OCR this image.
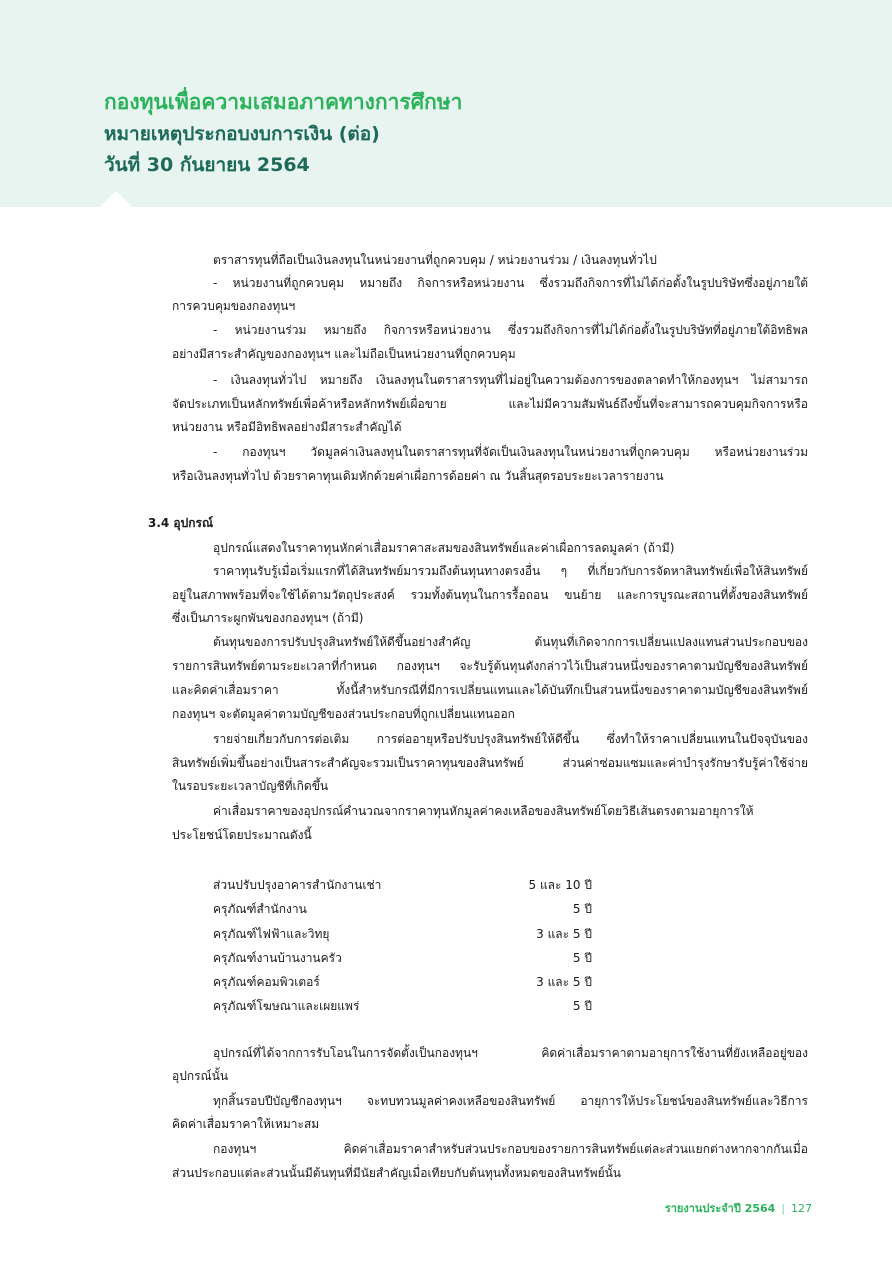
กองทุนเพื่อความเสมอภาคทางการศึกษา
หมายเหตุประกอบงบการเงิน (ต่อ)
วันที่ 30 กันยายน 2564

ตราสารทุนที่ถือเป็นเงินลงทุนในหน่วยงานที่ถูกควบคุม / หน่วยงานร่วม / เงินลงทุนทั่วไป

- หน่วยงานที่ถูกควบคุม หมายถึง กิจการหรือหน่วยงาน ซึ่งรวมถึงกิจการที่ไม่ได้ก่อตั้งในรูปบริษัทซึ่งอยู่ภายใต้

การควบคุมของกองทุนฯ

- หน่วยงานร่วม หมายถึง กิจการหรือหน่วยงาน ซึ่งรวมถึงกิจการที่ไม่ได้ก่อตั้งในรูปบริษัทที่อยู่ภายใต้อิทธิพล

อย่างมีสาระสำคัญของกองทุนฯ และไม่ถือเป็นหน่วยงานที่ถูกควบคุม

- เงินลงทุนทั่วไป หมายถึง เงินลงทุนในตราสารทุนที่ไม่อยู่ในความต้องการของตลาดทำให้กองทุนฯ ไม่สามารถ

จัดประเภทเป็นหลักทรัพย์เพื่อค้าหรือหลักทรัพย์เผื่อขาย และไม่มีความสัมพันธ์ถึงขั้นที่จะสามารถควบคุมกิจการหรือ

หน่วยงาน หรือมีอิทธิพลอย่างมีสาระสำคัญได้

- กองทุนฯ วัดมูลค่าเงินลงทุนในตราสารทุนที่จัดเป็นเงินลงทุนในหน่วยงานที่ถูกควบคุม หรือหน่วยงานร่วม

หรือเงินลงทุนทั่วไป ด้วยราคาทุนเดิมหักด้วยค่าเผื่อการด้อยค่า ณ วันสิ้นสุดรอบระยะเวลารายงาน

3.4 อุปกรณ์

อุปกรณ์แสดงในราคาทุนหักค่าเสื่อมราคาสะสมของสินทรัพย์และค่าเผื่อการลดมูลค่า (ถ้ามี)

ราคาทุนรับรู้เมื่อเริ่มแรกที่ได้สินทรัพย์มารวมถึงต้นทุนทางตรงอื่น ๆ ที่เกี่ยวกับการจัดหาสินทรัพย์เพื่อให้สินทรัพย์

อยู่ในสภาพพร้อมที่จะใช้ได้ตามวัตถุประสงค์ รวมทั้งต้นทุนในการรื้อถอน ขนย้าย และการบูรณะสถานที่ตั้งของสินทรัพย์

ซึ่งเป็นภาระผูกพันของกองทุนฯ (ถ้ามี)

ต้นทุนของการปรับปรุงสินทรัพย์ให้ดีขึ้นอย่างสำคัญ ต้นทุนที่เกิดจากการเปลี่ยนแปลงแทนส่วนประกอบของ

รายการสินทรัพย์ตามระยะเวลาที่กำหนด กองทุนฯ จะรับรู้ต้นทุนดังกล่าวไว้เป็นส่วนหนึ่งของราคาตามบัญชีของสินทรัพย์

และคิดค่าเสื่อมราคา ทั้งนี้สำหรับกรณีที่มีการเปลี่ยนแทนและได้บันทึกเป็นส่วนหนึ่งของราคาตามบัญชีของสินทรัพย์

กองทุนฯ จะตัดมูลค่าตามบัญชีของส่วนประกอบที่ถูกเปลี่ยนแทนออก

รายจ่ายเกี่ยวกับการต่อเติม การต่ออายุหรือปรับปรุงสินทรัพย์ให้ดีขึ้น ซึ่งทำให้ราคาเปลี่ยนแทนในปัจจุบันของ

สินทรัพย์เพิ่มขึ้นอย่างเป็นสาระสำคัญจะรวมเป็นราคาทุนของสินทรัพย์ ส่วนค่าซ่อมแซมและค่าบำรุงรักษารับรู้ค่าใช้จ่าย

ในรอบระยะเวลาบัญชีที่เกิดขึ้น

ค่าเสื่อมราคาของอุปกรณ์คำนวณจากราคาทุนหักมูลค่าคงเหลือของสินทรัพย์โดยวิธีเส้นตรงตามอายุการให้

ประโยชน์โดยประมาณดังนี้

ส่วนปรับปรุงอาคารสำนักงานเช่า	5 และ 10 ปี
ครุภัณฑ์สำนักงาน	5 ปี
ครุภัณฑ์ไฟฟ้าและวิทยุ	3 และ 5 ปี
ครุภัณฑ์งานบ้านงานครัว	5 ปี
ครุภัณฑ์คอมพิวเตอร์	3 และ 5 ปี
ครุภัณฑ์โฆษณาและเผยแพร่	5 ปี

อุปกรณ์ที่ได้จากการรับโอนในการจัดตั้งเป็นกองทุนฯ คิดค่าเสื่อมราคาตามอายุการใช้งานที่ยังเหลืออยู่ของ

อุปกรณ์นั้น

ทุกสิ้นรอบปีบัญชีกองทุนฯ จะทบทวนมูลค่าคงเหลือของสินทรัพย์ อายุการให้ประโยชน์ของสินทรัพย์และวิธีการ

คิดค่าเสื่อมราคาให้เหมาะสม

กองทุนฯ คิดค่าเสื่อมราคาสำหรับส่วนประกอบของรายการสินทรัพย์แต่ละส่วนแยกต่างหากจากกันเมื่อ

ส่วนประกอบแต่ละส่วนนั้นมีต้นทุนที่มีนัยสำคัญเมื่อเทียบกับต้นทุนทั้งหมดของสินทรัพย์นั้น

รายงานประจำปี 2564 | 127
